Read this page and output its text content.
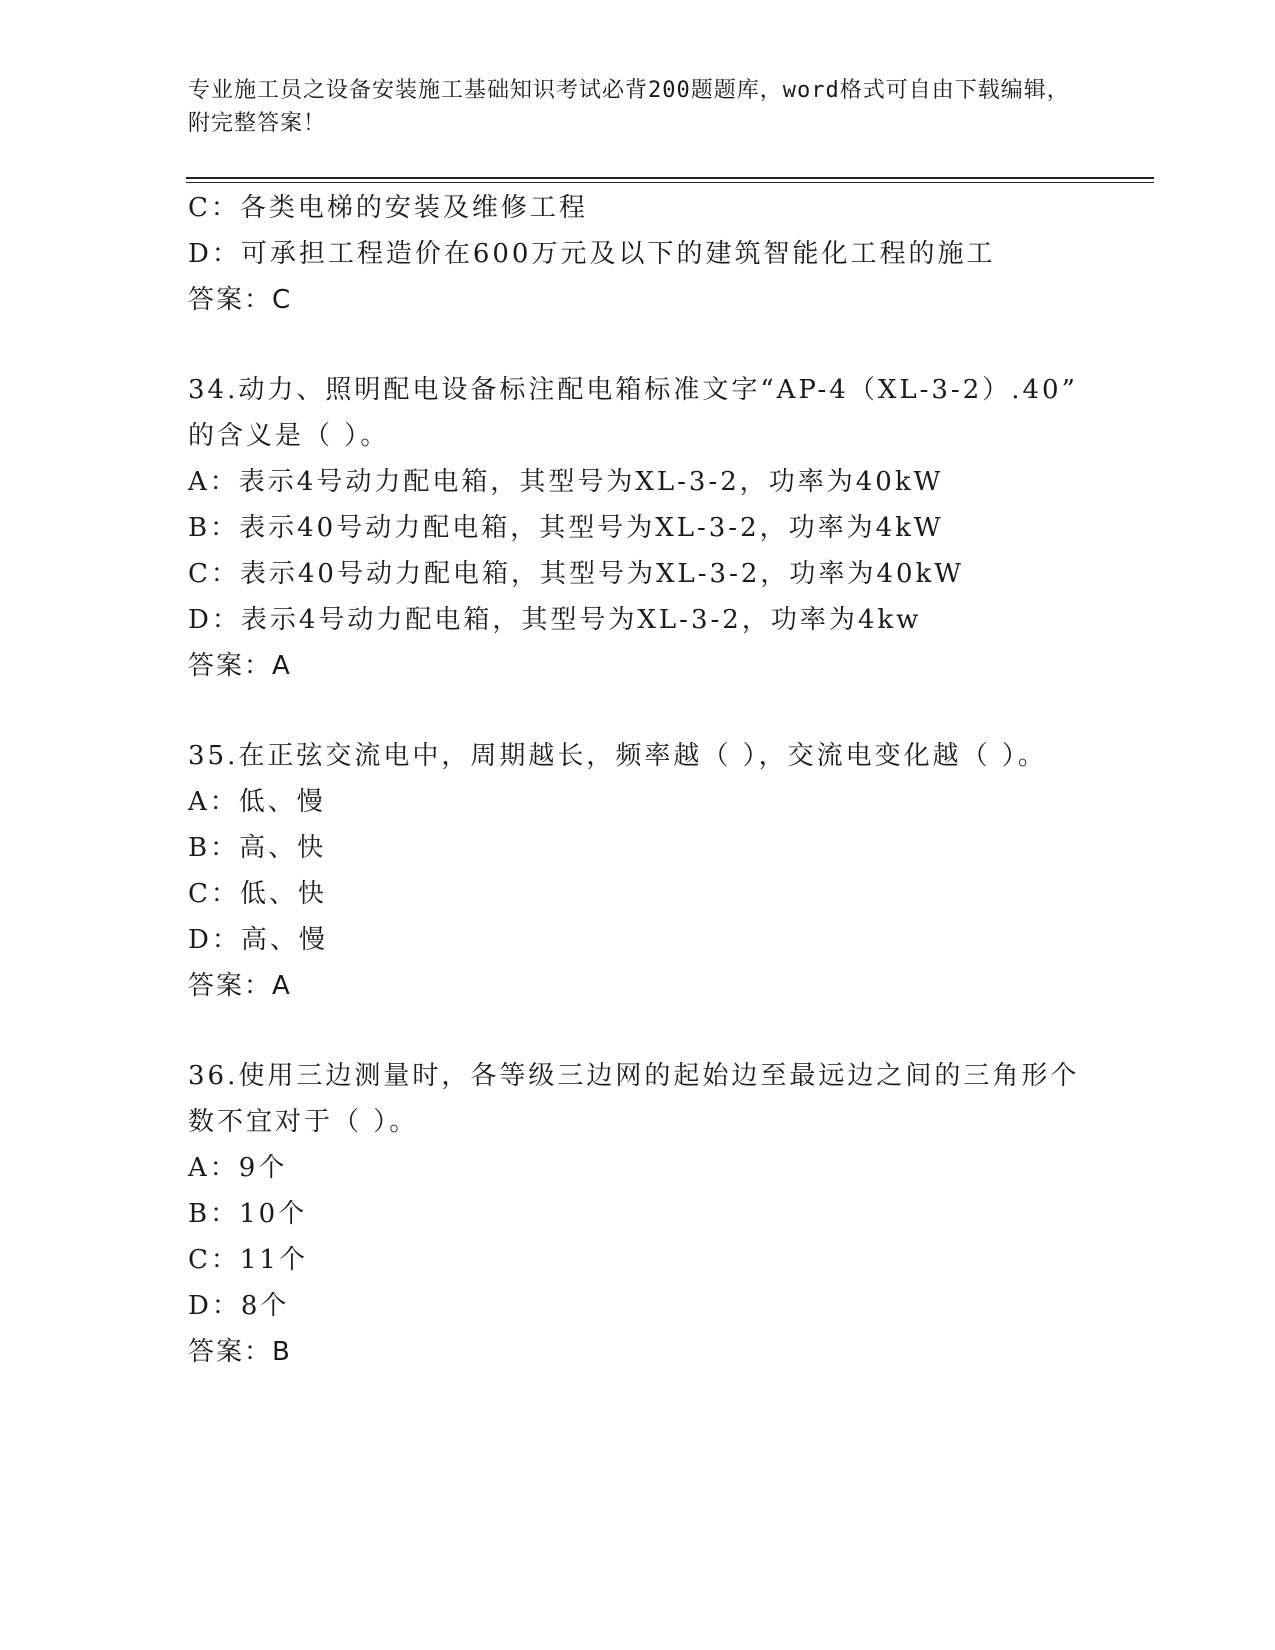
专业施工员之设备安装施工基础知识考试必背200题题库，word格式可自由下载编辑，附完整答案！
C：各类电梯的安装及维修工程
D：可承担工程造价在600万元及以下的建筑智能化工程的施工
答案：C
34.动力、照明配电设备标注配电箱标准文字“AP-4（XL-3-2）.40”
的含义是（ ）。
A：表示4号动力配电箱，其型号为XL-3-2，功率为40kW
B：表示40号动力配电箱，其型号为XL-3-2，功率为4kW
C：表示40号动力配电箱，其型号为XL-3-2，功率为40kW
D：表示4号动力配电箱，其型号为XL-3-2，功率为4kw
答案：A
35.在正弦交流电中，周期越长，频率越（ ），交流电变化越（ ）。
A：低、慢
B：高、快
C：低、快
D：高、慢
答案：A
36.使用三边测量时，各等级三边网的起始边至最远边之间的三角形个
数不宜对于（ ）。
A：9个
B：10个
C：11个
D：8个
答案：B
